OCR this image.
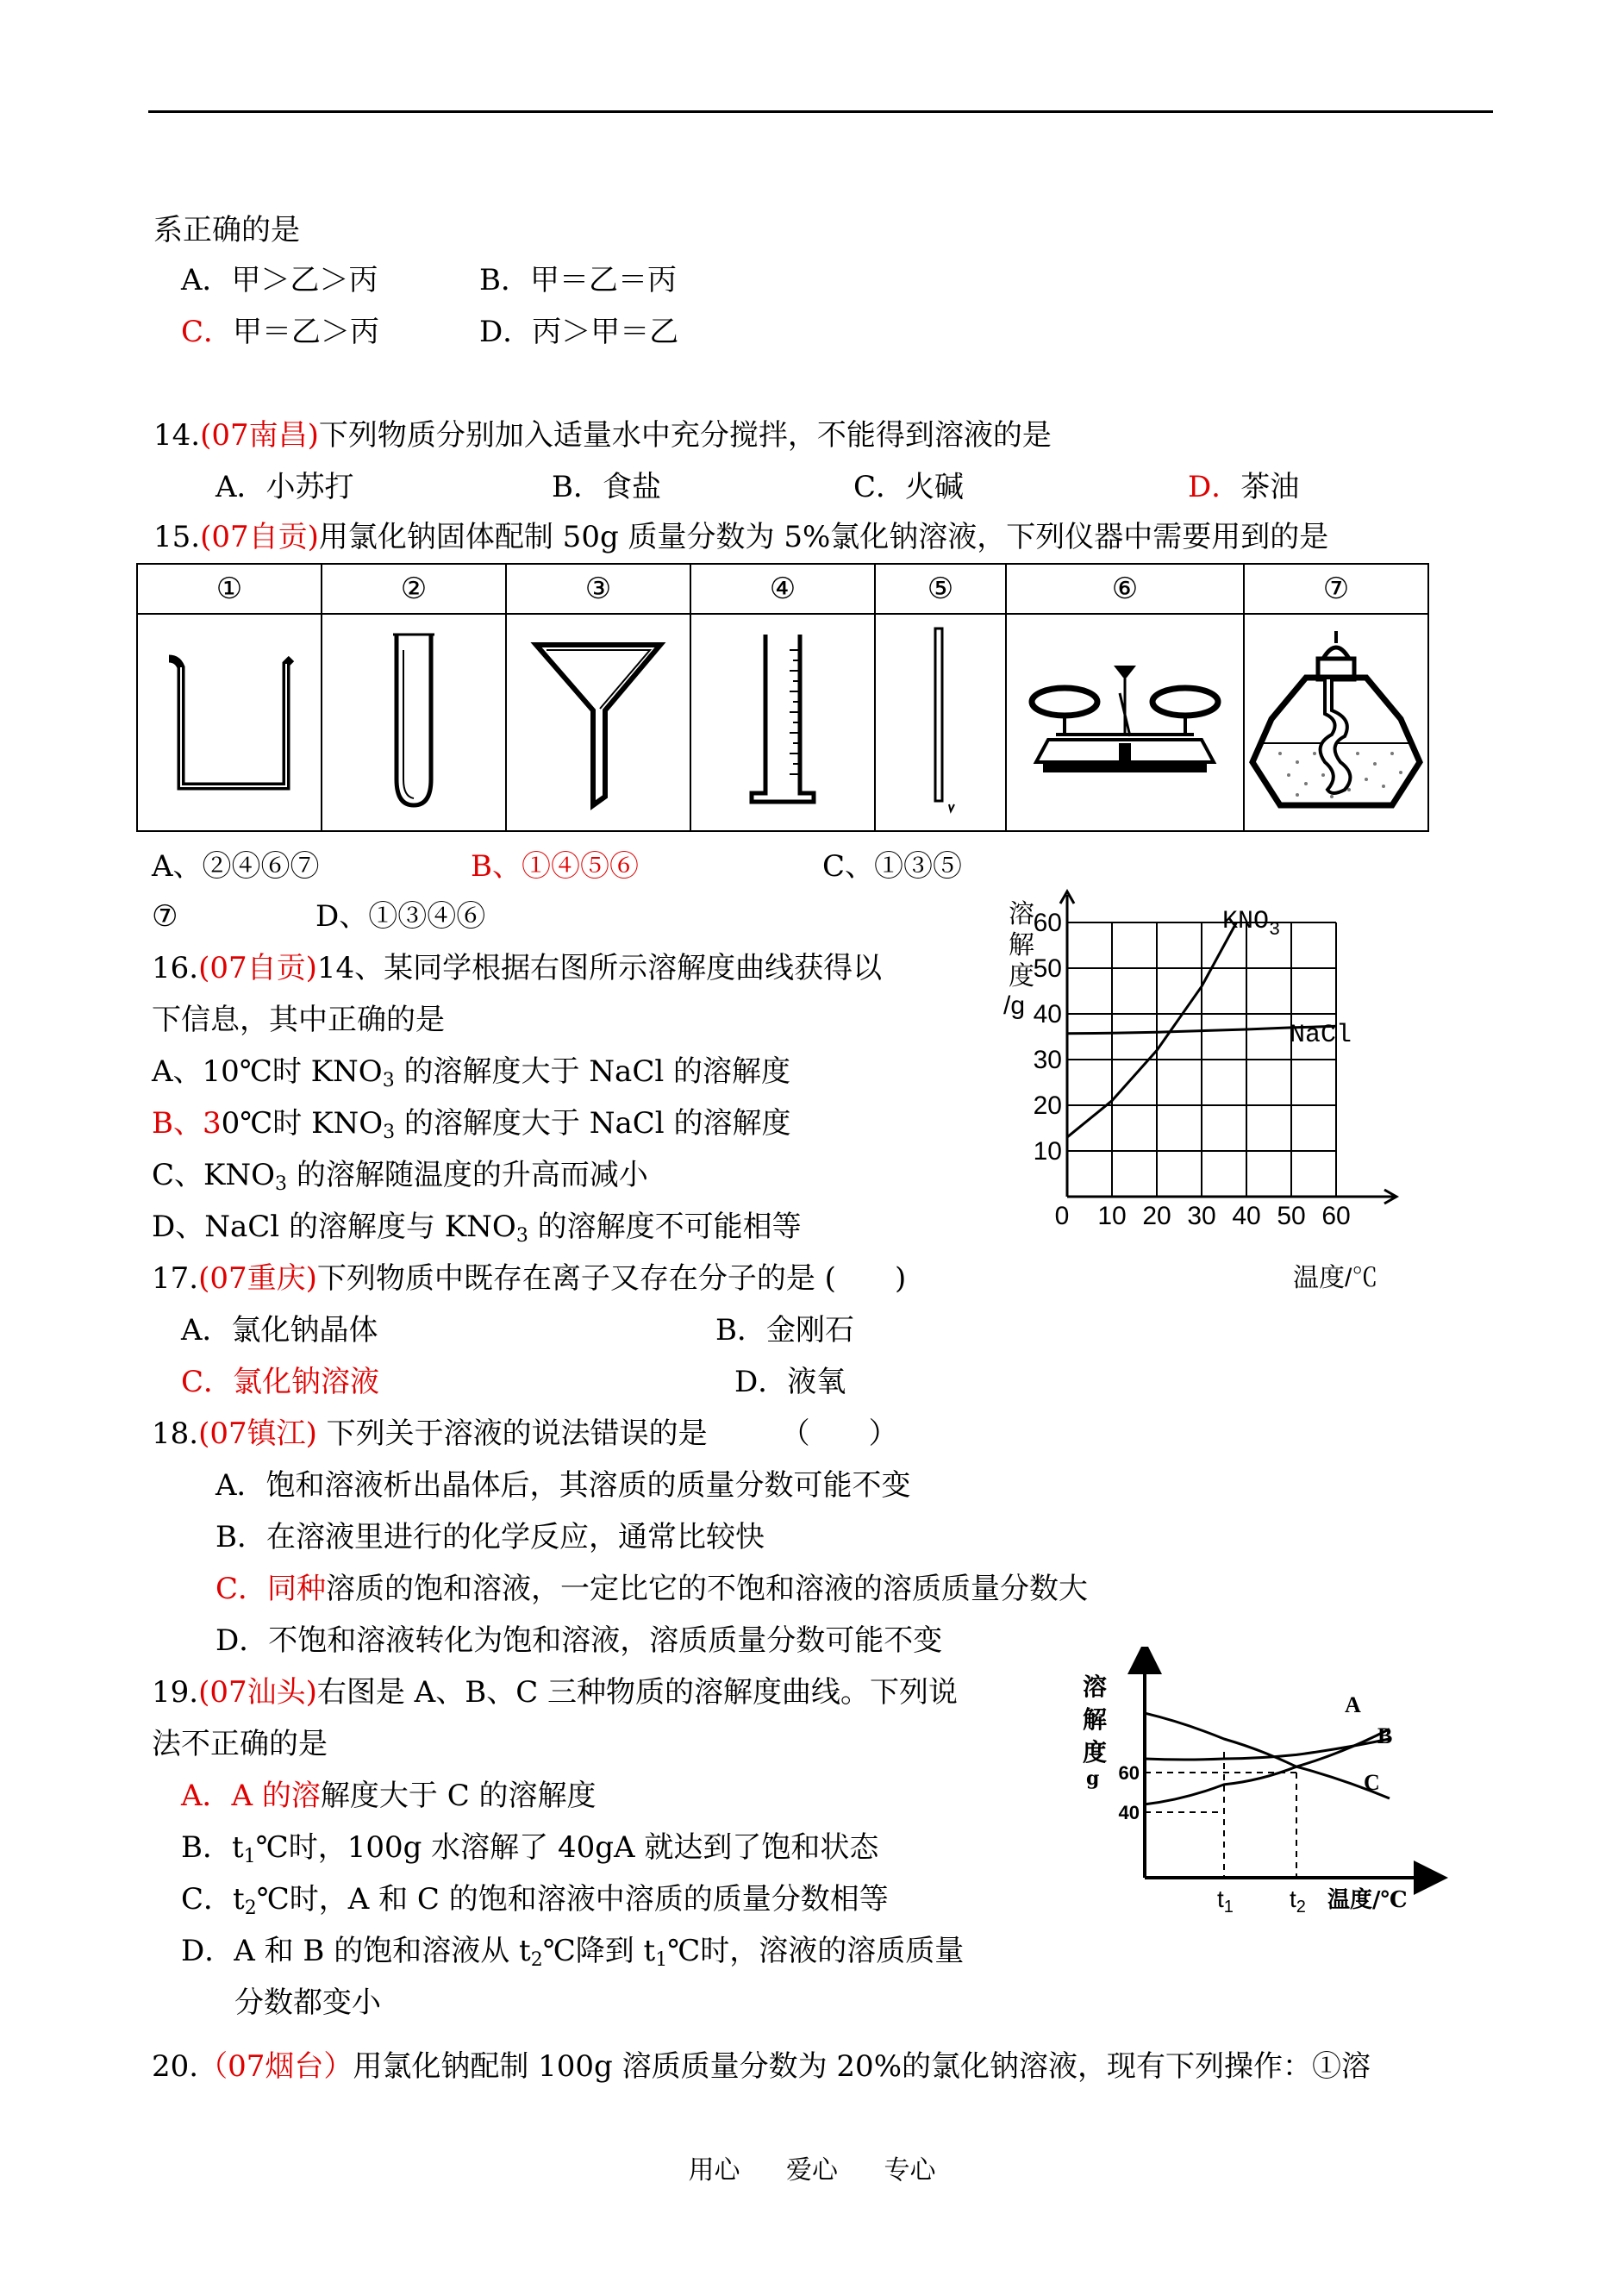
系正确的是
A．甲＞乙＞丙	B．甲＝乙＝丙
C．甲＝乙＞丙	D．丙＞甲＝乙
14.(07南昌)下列物质分别加入适量水中充分搅拌，不能得到溶液的是
A．小苏打	B．食盐	C．火碱	D．茶油
15.(07自贡)用氯化钠固体配制 50g 质量分数为 5%氯化钠溶液，下列仪器中需要用到的是
①	②	③	④	⑤	⑥	⑦

A、②④⑥⑦	B、①④⑤⑥	C、①③⑤
⑦	D、①③④⑥
16.(07自贡)14、某同学根据右图所示溶解度曲线获得以
下信息，其中正确的是
A、10℃时 $KNO_3$ 的溶解度大于 NaCl 的溶解度
B、30℃时 $KNO_3$ 的溶解度大于 NaCl 的溶解度
C、$KNO_3$ 的溶解随温度的升高而减小
D、NaCl 的溶解度与 $KNO_3$ 的溶解度不可能相等
溶
解
度
/g
60
50
40
30
20
10
0 10 20 30 40 50 60
$KNO_3$
NaCl
温度/℃
17.(07重庆)下列物质中既存在离子又存在分子的是 (　　)
A．氯化钠晶体	B．金刚石
C．氯化钠溶液	D．液氧
18.(07镇江) 下列关于溶液的说法错误的是　　　（　　）
A．饱和溶液析出晶体后，其溶质的质量分数可能不变
B．在溶液里进行的化学反应，通常比较快
C．同种溶质的饱和溶液，一定比它的不饱和溶液的溶质质量分数大
D．不饱和溶液转化为饱和溶液，溶质质量分数可能不变
19.(07汕头)右图是 A、B、C 三种物质的溶解度曲线。下列说
法不正确的是
A．A 的溶解度大于 C 的溶解度
B．$t_1℃$时，100g 水溶解了 40gA 就达到了饱和状态
C．$t_2℃$时，A 和 C 的饱和溶液中溶质的质量分数相等
D．A 和 B 的饱和溶液从 $t_2℃$降到 $t_1℃$时，溶液的溶质质量
分数都变小
溶
解
度
g 60
40
$t_1$ $t_2$ 温度/℃
A
B
C
20.（07烟台）用氯化钠配制 100g 溶质质量分数为 20%的氯化钠溶液，现有下列操作：①溶
用心 爱心 专心
